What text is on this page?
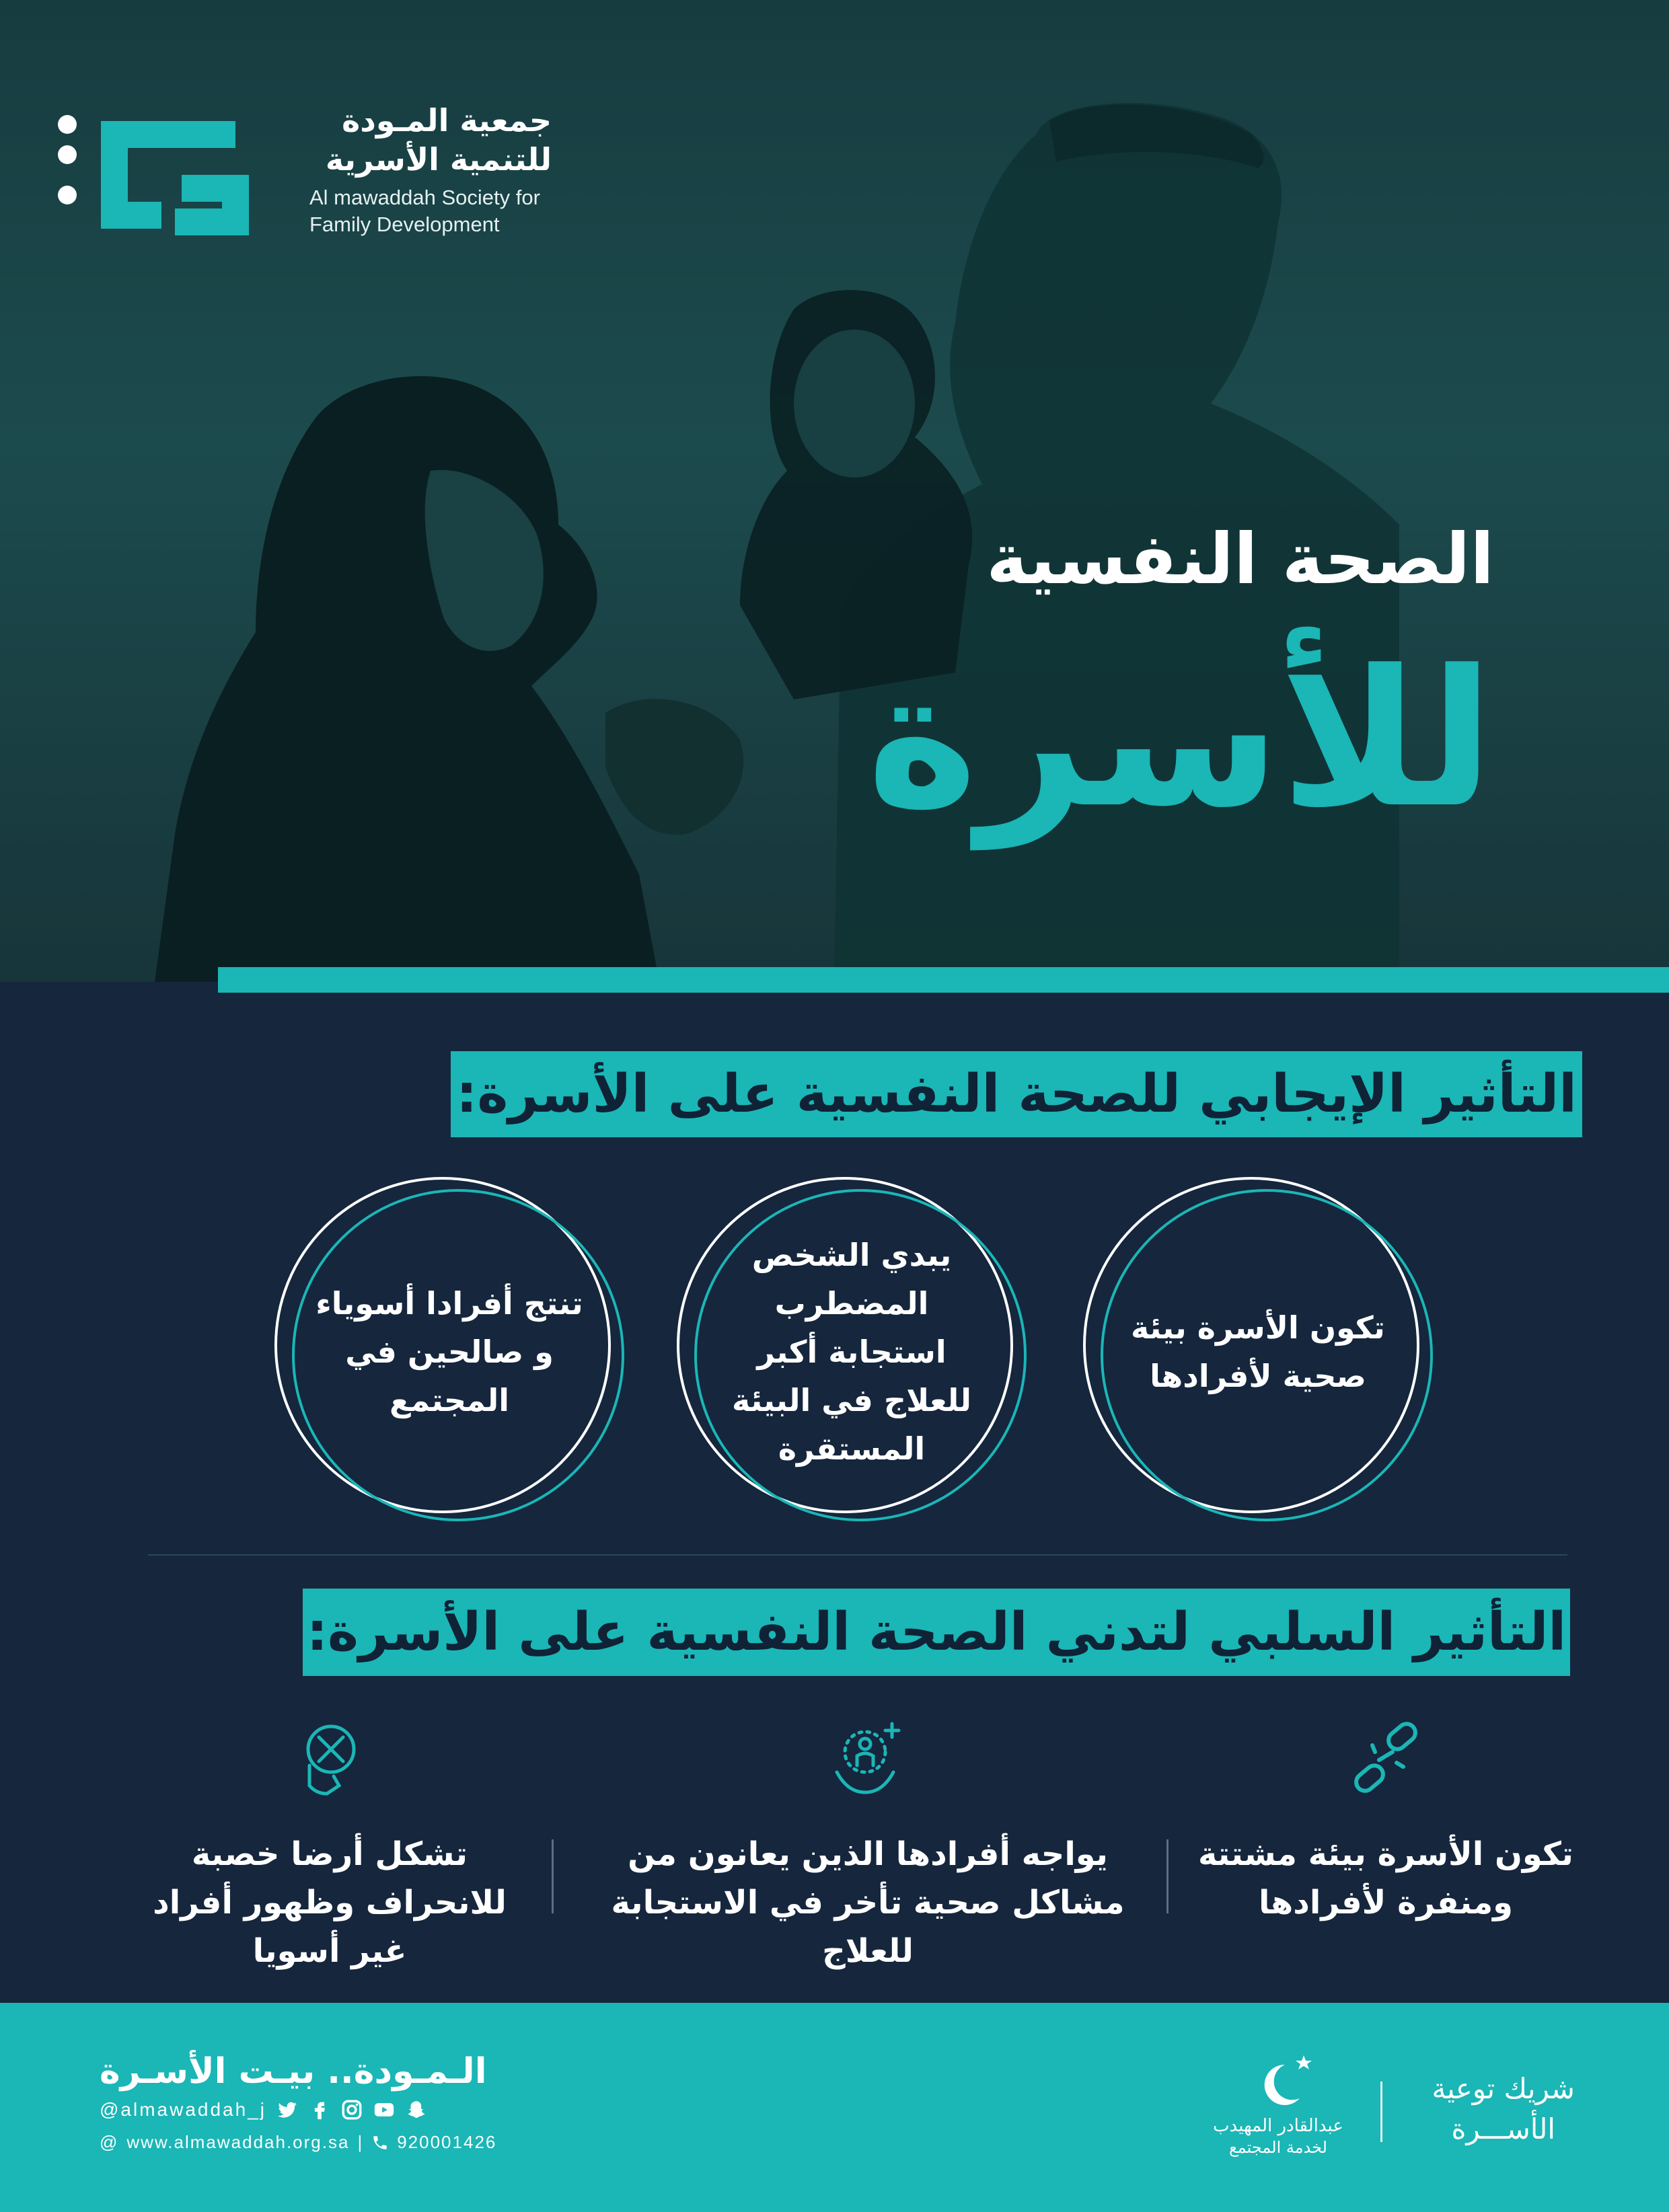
جمعية المـودة
للتنمية الأسرية
Al mawaddah Society for
Family Development
الصحة النفسية
للأسرة
التأثير الإيجابي للصحة النفسية على الأسرة:
تكون الأسرة بيئة صحية لأفرادها
يبدي الشخص المضطرب استجابة أكبر للعلاج في البيئة المستقرة
تنتج أفرادا أسوياء و صالحين في المجتمع
التأثير السلبي لتدني الصحة النفسية على الأسرة:
تكون الأسرة بيئة مشتتة ومنفرة لأفرادها
يواجه أفرادها الذين يعانون من مشاكل صحية تأخر في الاستجابة للعلاج
تشكل أرضا خصبة للانحراف وظهور أفراد غير أسويا
الـمـودة.. بيـت الأسـرة
@almawaddah_j
@ www.almawaddah.org.sa | 920001426
عبدالقادر المهيدب
لخدمة المجتمع
شريك توعية
الأســـرة
